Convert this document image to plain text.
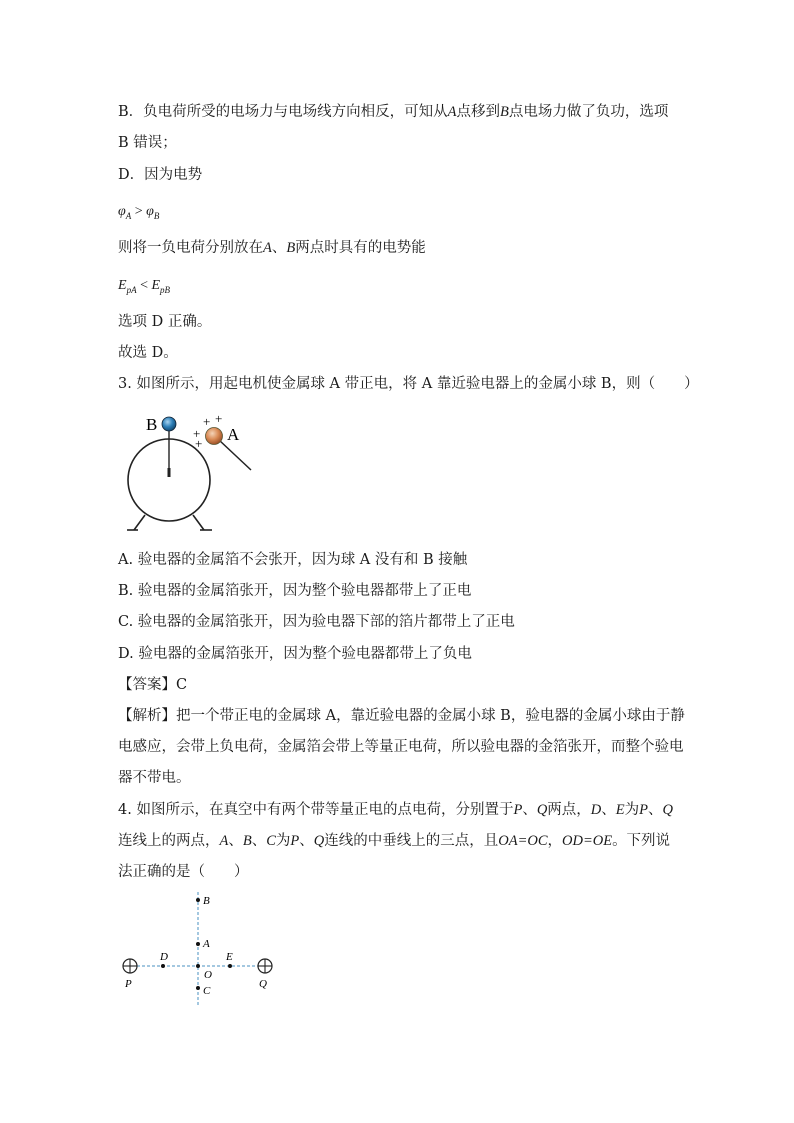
B．负电荷所受的电场力与电场线方向相反，可知从A点移到B点电场力做了负功，选项
B 错误；
D．因为电势
$\varphi_A > \varphi_B$
则将一负电荷分别放在A、B两点时具有的电势能
$E_{pA} < E_{pB}$
选项 D 正确。
故选 D。
3. 如图所示，用起电机使金属球 A 带正电，将 A 靠近验电器上的金属小球 B，则（　　）
B
A
+ +
+
+
A. 验电器的金属箔不会张开，因为球 A 没有和 B 接触
B. 验电器的金属箔张开，因为整个验电器都带上了正电
C. 验电器的金属箔张开，因为验电器下部的箔片都带上了正电
D. 验电器的金属箔张开，因为整个验电器都带上了负电
【答案】C
【解析】把一个带正电的金属球 A，靠近验电器的金属小球 B，验电器的金属小球由于静
电感应，会带上负电荷，金属箔会带上等量正电荷，所以验电器的金箔张开，而整个验电
器不带电。
4. 如图所示，在真空中有两个带等量正电的点电荷，分别置于P、Q两点，D、E为P、Q
连线上的两点，A、B、C为P、Q连线的中垂线上的三点，且OA=OC，OD=OE。下列说
法正确的是（　　）
B
A
D	E
O
C
P	Q
